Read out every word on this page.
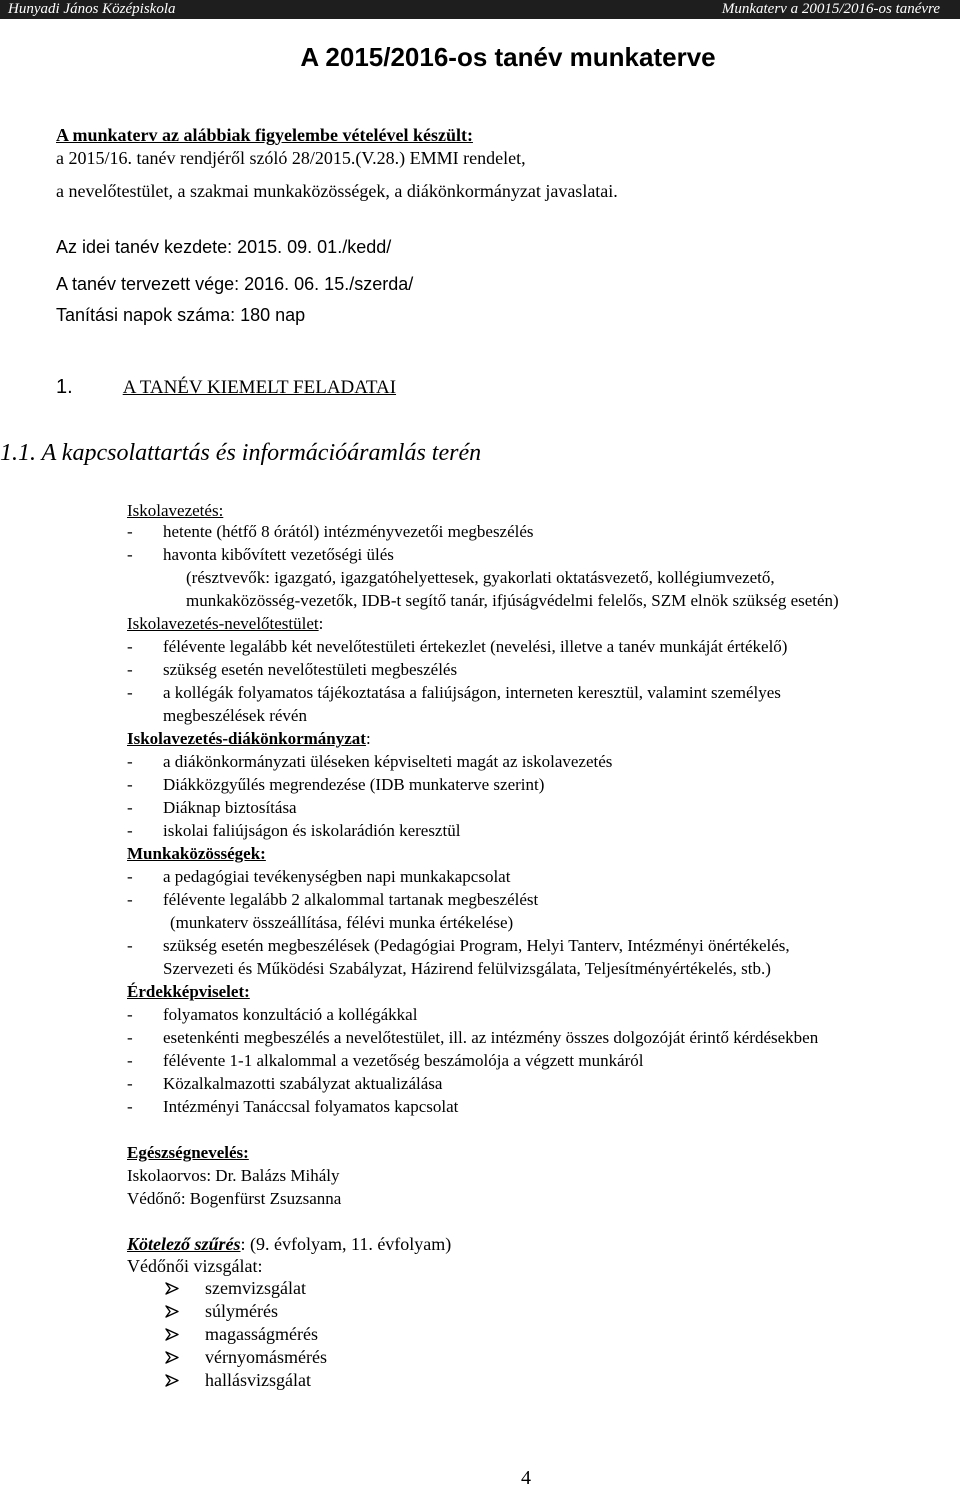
Hunyadi János Középiskola	Munkaterv a 20015/2016-os tanévre
A 2015/2016-os tanév munkaterve
A munkaterv az alábbiak figyelembe vételével készült:
a 2015/16. tanév rendjéről szóló 28/2015.(V.28.) EMMI rendelet,
a nevelőtestület, a szakmai munkaközösségek, a diákönkormányzat javaslatai.
Az idei tanév kezdete: 2015. 09. 01./kedd/
A tanév tervezett vége: 2016. 06. 15./szerda/
Tanítási napok száma: 180 nap
1.	A TANÉV KIEMELT FELADATAI
1.1. A kapcsolattartás és információáramlás terén
Iskolavezetés:
- hetente (hétfő 8 órától) intézményvezetői megbeszélés
- havonta kibővített vezetőségi ülés
(résztvevők: igazgató, igazgatóhelyettesek, gyakorlati oktatásvezető, kollégiumvezető,
munkaközösség-vezetők, IDB-t segítő tanár, ifjúságvédelmi felelős, SZM elnök szükség esetén)
Iskolavezetés-nevelőtestület:
- félévente legalább két nevelőtestületi értekezlet (nevelési, illetve a tanév munkáját értékelő)
- szükség esetén nevelőtestületi megbeszélés
- a kollégák folyamatos tájékoztatása a faliújságon, interneten keresztül, valamint személyes
megbeszélések révén
Iskolavezetés-diákönkormányzat:
- a diákönkormányzati üléseken képviselteti magát az iskolavezetés
- Diákközgyűlés megrendezése (IDB munkaterve szerint)
- Diáknap biztosítása
- iskolai faliújságon és iskolarádión keresztül
Munkaközösségek:
- a pedagógiai tevékenységben napi munkakapcsolat
- félévente legalább 2 alkalommal tartanak megbeszélést
(munkaterv összeállítása, félévi munka értékelése)
- szükség esetén megbeszélések (Pedagógiai Program, Helyi Tanterv, Intézményi önértékelés,
Szervezeti és Működési Szabályzat, Házirend felülvizsgálata, Teljesítményértékelés, stb.)
Érdekképviselet:
- folyamatos konzultáció a kollégákkal
- esetenkénti megbeszélés a nevelőtestület, ill. az intézmény összes dolgozóját érintő kérdésekben
- félévente 1-1 alkalommal a vezetőség beszámolója a végzett munkáról
- Közalkalmazotti szabályzat aktualizálása
- Intézményi Tanáccsal folyamatos kapcsolat
Egészségnevelés:
Iskolaorvos: Dr. Balázs Mihály
Védőnő: Bogenfürst Zsuzsanna
Kötelező szűrés: (9. évfolyam, 11. évfolyam)
Védőnői vizsgálat:
szemvizsgálat
súlymérés
magasságmérés
vérnyomásmérés
hallásvizsgálat
4
